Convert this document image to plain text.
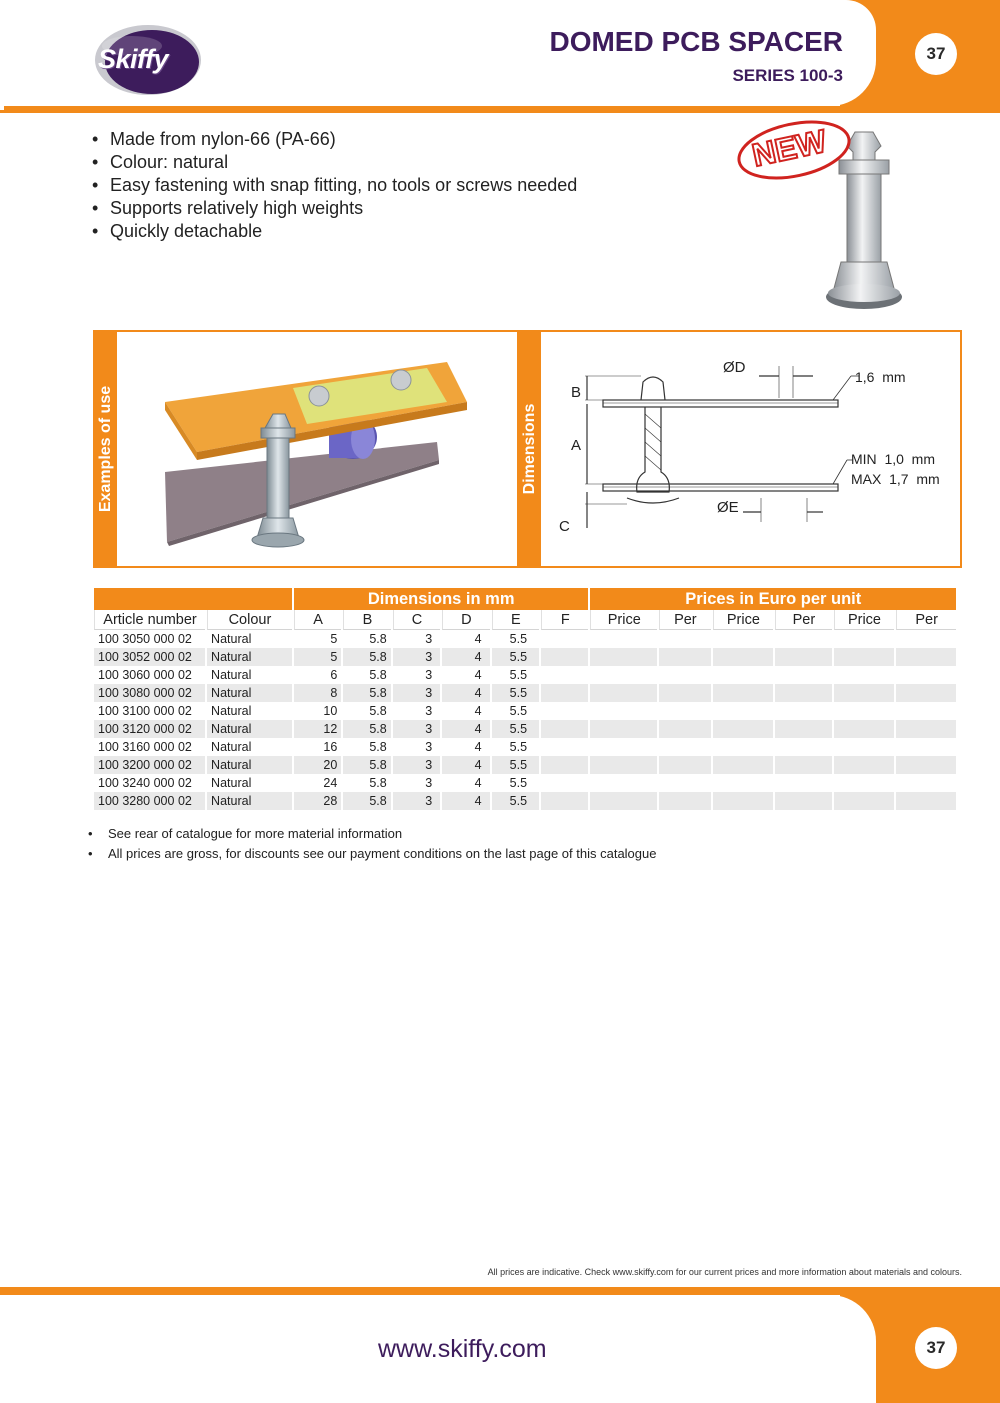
Skiffy
DOMED PCB SPACER
SERIES 100-3
37
• Made from nylon-66 (PA-66)
• Colour: natural
• Easy fastening with snap fitting, no tools or screws needed
• Supports relatively high weights
• Quickly detachable
NEW
Examples of use	Dimensions
B
A
C
ØD
ØE
1,6  mm
MIN  1,0  mm
MAX  1,7  mm
		Dimensions in mm						Prices in Euro per unit					
Article number	Colour	A	B	C	D	E	F	Price	Per	Price	Per	Price	Per
100 3050 000 02	Natural	5	5.8	3	4	5.5							
100 3052 000 02	Natural	5	5.8	3	4	5.5							
100 3060 000 02	Natural	6	5.8	3	4	5.5							
100 3080 000 02	Natural	8	5.8	3	4	5.5							
100 3100 000 02	Natural	10	5.8	3	4	5.5							
100 3120 000 02	Natural	12	5.8	3	4	5.5							
100 3160 000 02	Natural	16	5.8	3	4	5.5							
100 3200 000 02	Natural	20	5.8	3	4	5.5							
100 3240 000 02	Natural	24	5.8	3	4	5.5							
100 3280 000 02	Natural	28	5.8	3	4	5.5							
• See rear of catalogue for more material information
• All prices are gross, for discounts see our payment conditions on the last page of this catalogue
All prices are indicative. Check www.skiffy.com for our current prices and more information about materials and colours.
www.skiffy.com	37
